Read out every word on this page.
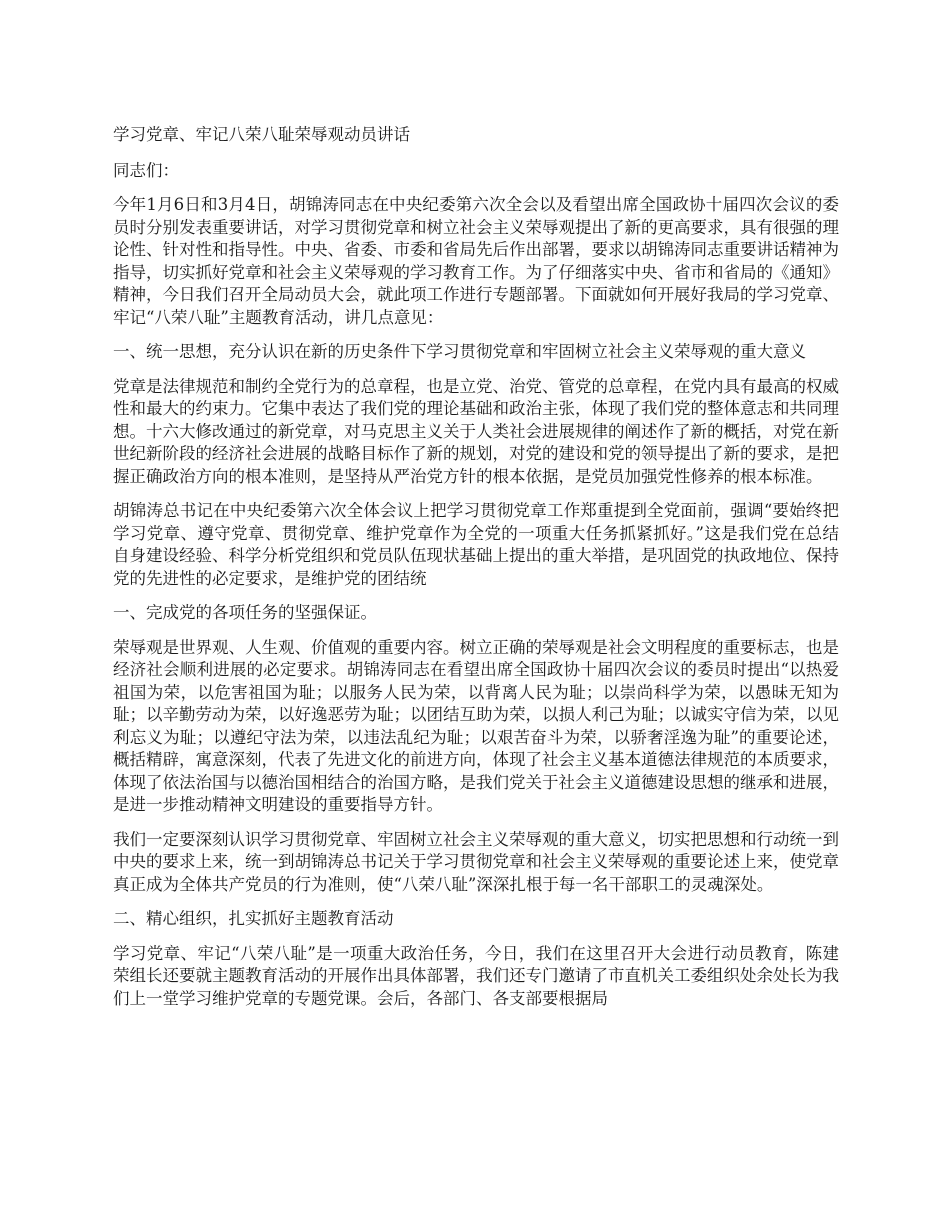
学习党章、牢记八荣八耻荣辱观动员讲话

同志们：

今年1月6日和3月4日，胡锦涛同志在中央纪委第六次全会以及看望出席全国政协十届四次会议的委员时分别发表重要讲话，对学习贯彻党章和树立社会主义荣辱观提出了新的更高要求，具有很强的理论性、针对性和指导性。中央、省委、市委和省局先后作出部署，要求以胡锦涛同志重要讲话精神为指导，切实抓好党章和社会主义荣辱观的学习教育工作。为了仔细落实中央、省市和省局的《通知》精神，今日我们召开全局动员大会，就此项工作进行专题部署。下面就如何开展好我局的学习党章、牢记“八荣八耻”主题教育活动，讲几点意见：

一、统一思想，充分认识在新的历史条件下学习贯彻党章和牢固树立社会主义荣辱观的重大意义

党章是法律规范和制约全党行为的总章程，也是立党、治党、管党的总章程，在党内具有最高的权威性和最大的约束力。它集中表达了我们党的理论基础和政治主张，体现了我们党的整体意志和共同理想。十六大修改通过的新党章，对马克思主义关于人类社会进展规律的阐述作了新的概括，对党在新世纪新阶段的经济社会进展的战略目标作了新的规划，对党的建设和党的领导提出了新的要求，是把握正确政治方向的根本准则，是坚持从严治党方针的根本依据，是党员加强党性修养的根本标准。

胡锦涛总书记在中央纪委第六次全体会议上把学习贯彻党章工作郑重提到全党面前，强调“要始终把学习党章、遵守党章、贯彻党章、维护党章作为全党的一项重大任务抓紧抓好。”这是我们党在总结自身建设经验、科学分析党组织和党员队伍现状基础上提出的重大举措，是巩固党的执政地位、保持党的先进性的必定要求，是维护党的团结统

一、完成党的各项任务的坚强保证。

荣辱观是世界观、人生观、价值观的重要内容。树立正确的荣辱观是社会文明程度的重要标志，也是经济社会顺利进展的必定要求。胡锦涛同志在看望出席全国政协十届四次会议的委员时提出“以热爱祖国为荣，以危害祖国为耻；以服务人民为荣，以背离人民为耻；以崇尚科学为荣，以愚昧无知为耻；以辛勤劳动为荣，以好逸恶劳为耻；以团结互助为荣，以损人利己为耻；以诚实守信为荣，以见利忘义为耻；以遵纪守法为荣，以违法乱纪为耻；以艰苦奋斗为荣，以骄奢淫逸为耻”的重要论述，概括精辟，寓意深刻，代表了先进文化的前进方向，体现了社会主义基本道德法律规范的本质要求，体现了依法治国与以德治国相结合的治国方略，是我们党关于社会主义道德建设思想的继承和进展，是进一步推动精神文明建设的重要指导方针。

我们一定要深刻认识学习贯彻党章、牢固树立社会主义荣辱观的重大意义，切实把思想和行动统一到中央的要求上来，统一到胡锦涛总书记关于学习贯彻党章和社会主义荣辱观的重要论述上来，使党章真正成为全体共产党员的行为准则，使“八荣八耻”深深扎根于每一名干部职工的灵魂深处。

二、精心组织，扎实抓好主题教育活动

学习党章、牢记“八荣八耻”是一项重大政治任务，今日，我们在这里召开大会进行动员教育，陈建荣组长还要就主题教育活动的开展作出具体部署，我们还专门邀请了市直机关工委组织处余处长为我们上一堂学习维护党章的专题党课。会后，各部门、各支部要根据局
